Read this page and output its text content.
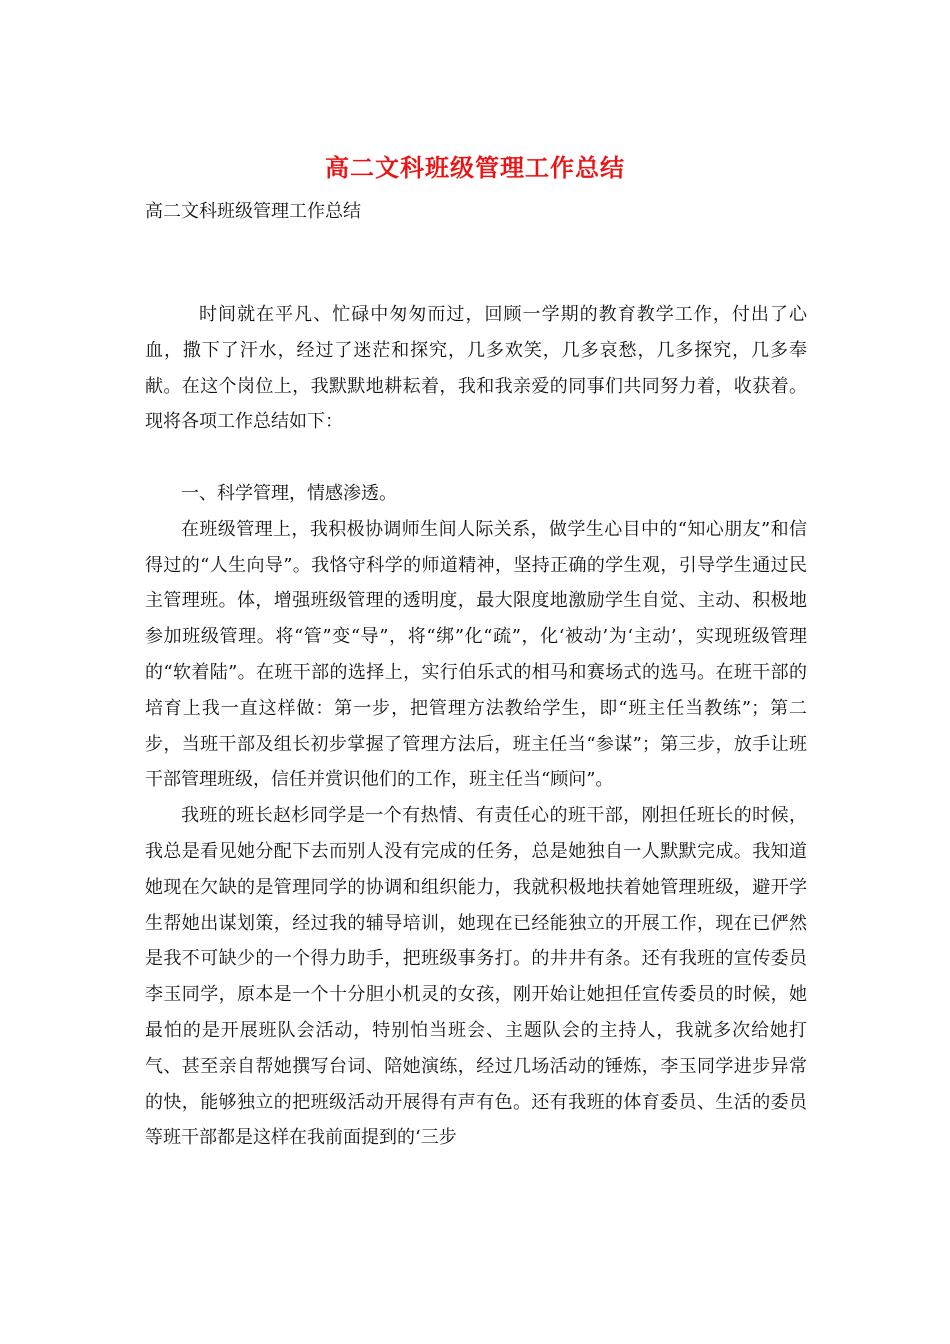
高二文科班级管理工作总结
高二文科班级管理工作总结

时间就在平凡、忙碌中匆匆而过，回顾一学期的教育教学工作，付出了心血，撒下了汗水，经过了迷茫和探究，几多欢笑，几多哀愁，几多探究，几多奉献。在这个岗位上，我默默地耕耘着，我和我亲爱的同事们共同努力着，收获着。现将各项工作总结如下：

一、科学管理，情感渗透。

在班级管理上，我积极协调师生间人际关系，做学生心目中的“知心朋友”和信得过的“人生向导”。我恪守科学的师道精神，坚持正确的学生观，引导学生通过民主管理班。体，增强班级管理的透明度，最大限度地激励学生自觉、主动、积极地参加班级管理。将“管”变“导”，将“绑”化“疏”，化‘被动’为‘主动’，实现班级管理的“软着陆”。在班干部的选择上，实行伯乐式的相马和赛场式的选马。在班干部的培育上我一直这样做：第一步，把管理方法教给学生，即“班主任当教练”；第二步，当班干部及组长初步掌握了管理方法后，班主任当“参谋”；第三步，放手让班干部管理班级，信任并赏识他们的工作，班主任当“顾问”。

我班的班长赵杉同学是一个有热情、有责任心的班干部，刚担任班长的时候，我总是看见她分配下去而别人没有完成的任务，总是她独自一人默默完成。我知道她现在欠缺的是管理同学的协调和组织能力，我就积极地扶着她管理班级，避开学生帮她出谋划策，经过我的辅导培训，她现在已经能独立的开展工作，现在已俨然是我不可缺少的一个得力助手，把班级事务打。的井井有条。还有我班的宣传委员李玉同学，原本是一个十分胆小机灵的女孩，刚开始让她担任宣传委员的时候，她最怕的是开展班队会活动，特别怕当班会、主题队会的主持人，我就多次给她打气、甚至亲自帮她撰写台词、陪她演练，经过几场活动的锤炼，李玉同学进步异常的快，能够独立的把班级活动开展得有声有色。还有我班的体育委员、生活的委员等班干部都是这样在我前面提到的‘三步
